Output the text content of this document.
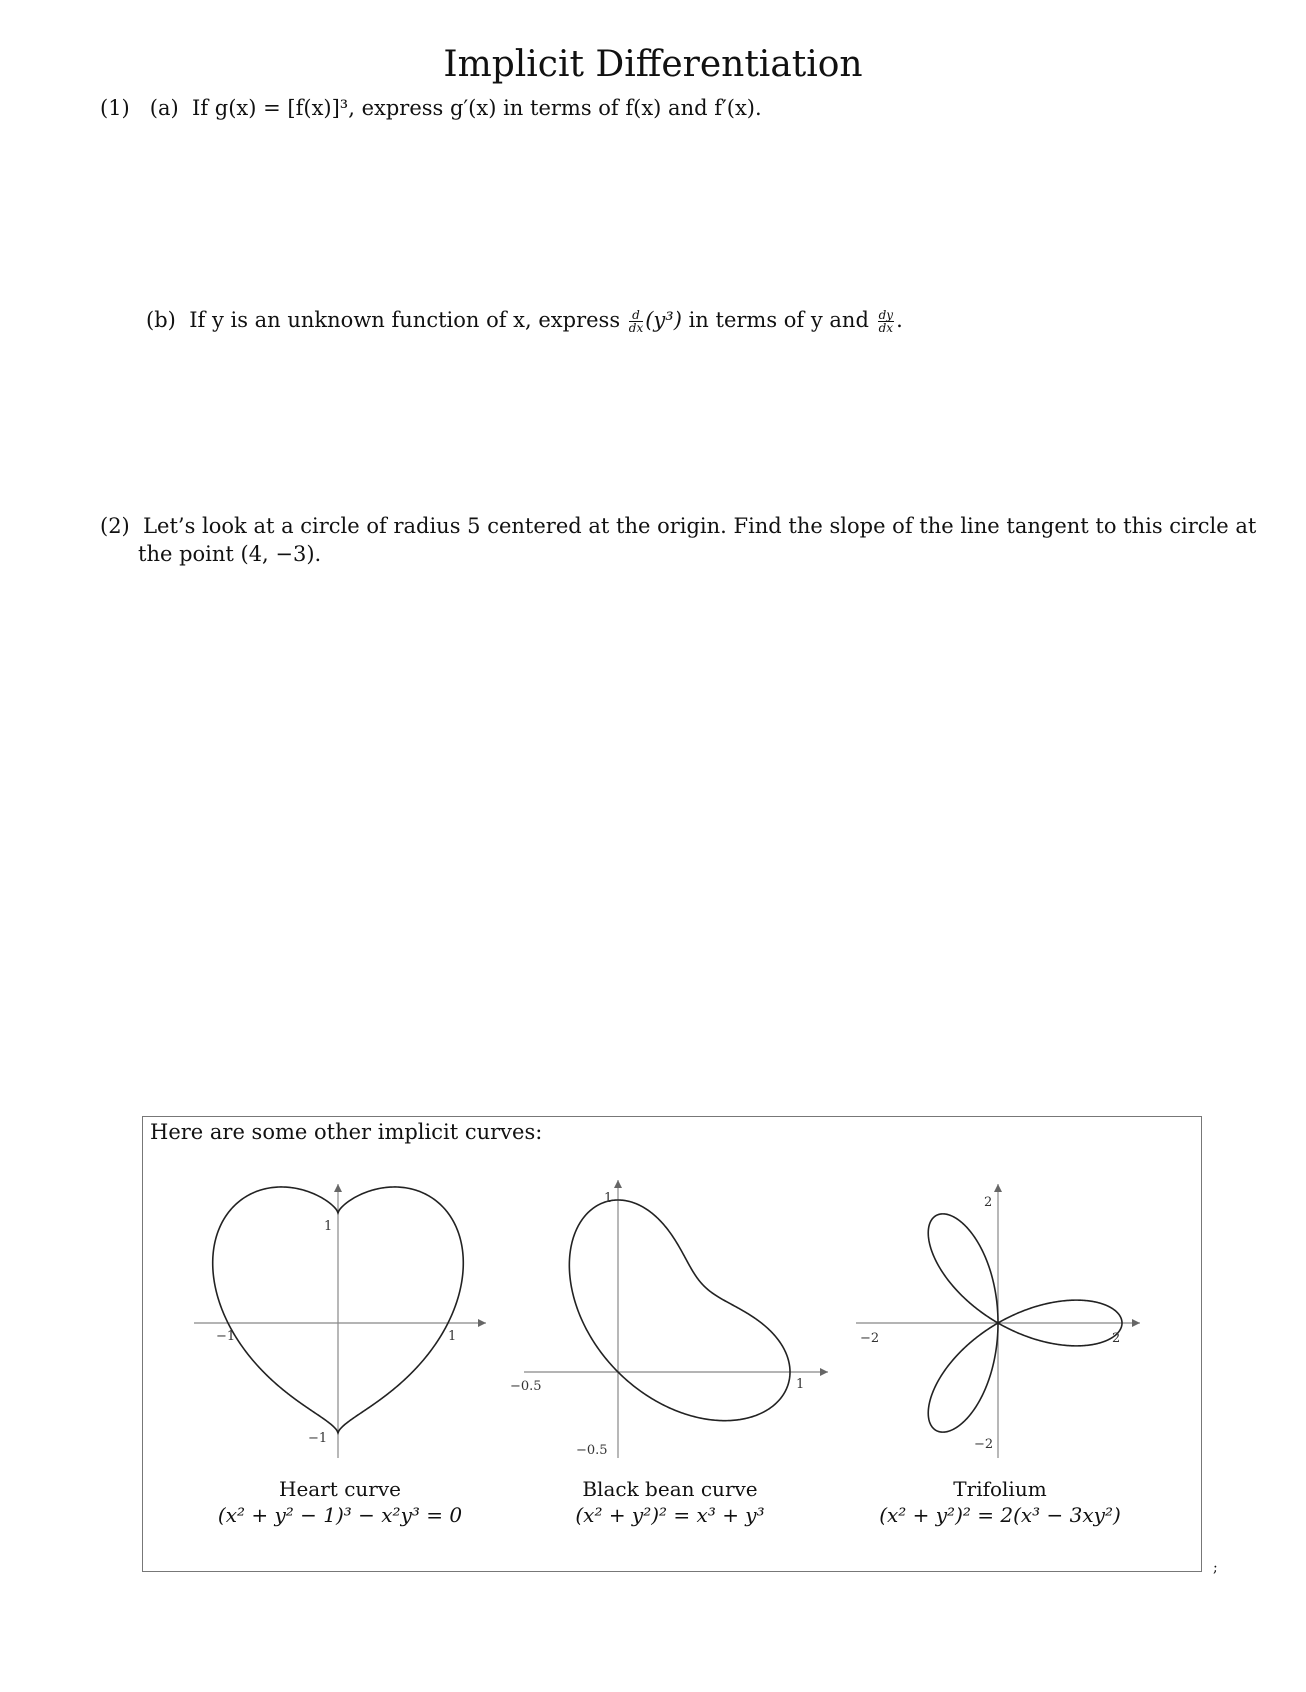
Implicit Differentiation
(1) (a) If g(x) = [f(x)]³, express g′(x) in terms of f(x) and f′(x).
(b) If y is an unknown function of x, express $\frac{d}{dx} (y^3)$ in terms of y and $\frac{dy}{dx}$ .
(2) Let’s look at a circle of radius 5 centered at the origin. Find the slope of the line tangent to this circle at
the point (4, −3).
Here are some other implicit curves:
−1	1
1
−1
−0.5	1
1
−0.5
−2	2
2
−2
Heart curve
(x² + y² − 1)³ − x²y³ = 0
Black bean curve
(x² + y²)² = x³ + y³
Trifolium
(x² + y²)² = 2(x³ − 3xy²)
;
